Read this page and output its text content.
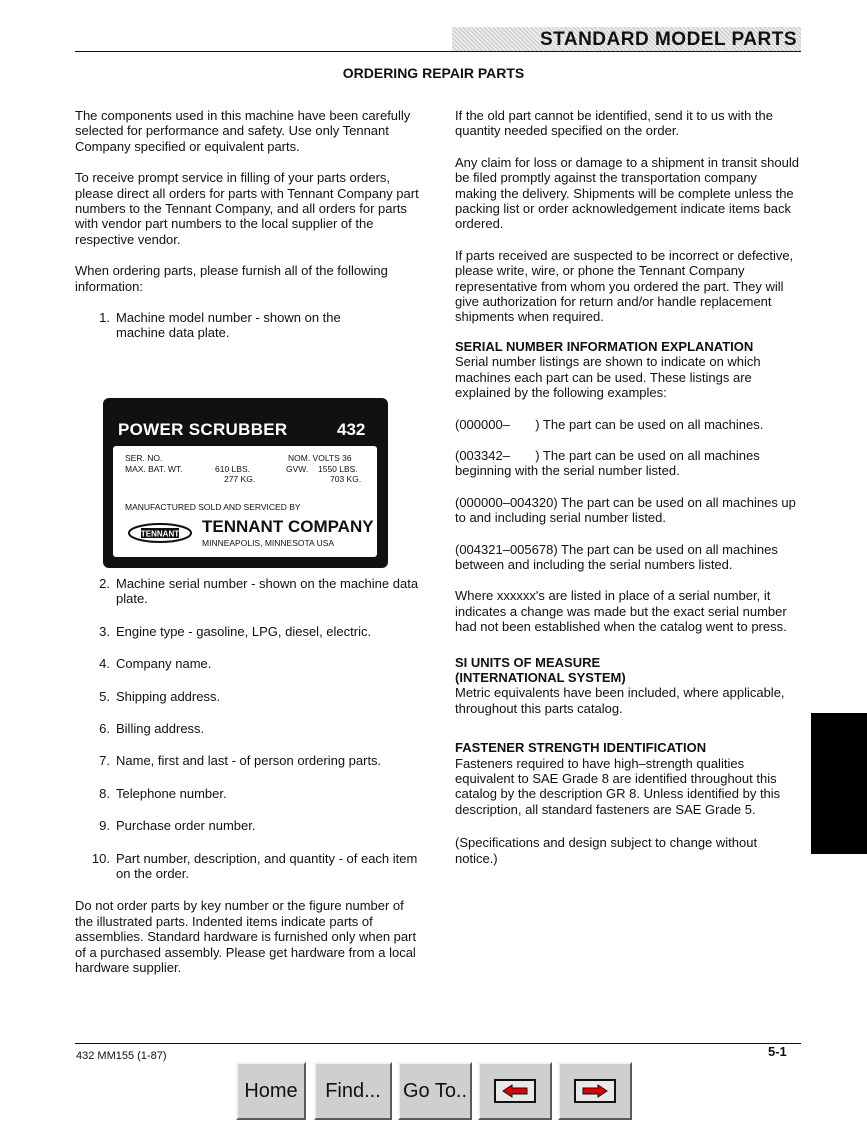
STANDARD MODEL PARTS
ORDERING REPAIR PARTS

The components used in this machine have been carefully selected for performance and safety. Use only Tennant Company specified or equivalent parts.

To receive prompt service in filling of your parts orders, please direct all orders for parts with Tennant Company part numbers to the Tennant Company, and all orders for parts with vendor part numbers to the local supplier of the respective vendor.

When ordering parts, please furnish all of the following information:

1. Machine model number - shown on the machine data plate.
POWER SCRUBBER	432
SER. NO.	NOM. VOLTS 36
MAX. BAT. WT.	610 LBS.
277 KG.
GVW. 1550 LBS.
703 KG.
MANUFACTURED SOLD AND SERVICED BY
TENNANT TENNANT COMPANY
MINNEAPOLIS, MINNESOTA USA
2. Machine serial number - shown on the machine data plate.
3. Engine type - gasoline, LPG, diesel, electric.
4. Company name.
5. Shipping address.
6. Billing address.
7. Name, first and last - of person ordering parts.
8. Telephone number.
9. Purchase order number.
10. Part number, description, and quantity - of each item on the order.

Do not order parts by key number or the figure number of the illustrated parts. Indented items indicate parts of assemblies. Standard hardware is furnished only when part of a purchased assembly. Please get hardware from a local hardware supplier.

If the old part cannot be identified, send it to us with the quantity needed specified on the order.

Any claim for loss or damage to a shipment in transit should be filed promptly against the transportation company making the delivery. Shipments will be complete unless the packing list or order acknowledgement indicate items back ordered.

If parts received are suspected to be incorrect or defective, please write, wire, or phone the Tennant Company representative from whom you ordered the part. They will give authorization for return and/or handle replacement shipments when required.

SERIAL NUMBER INFORMATION EXPLANATION

Serial number listings are shown to indicate on which machines each part can be used. These listings are explained by the following examples:

(000000–       ) The part can be used on all machines.

(003342–       ) The part can be used on all machines beginning with the serial number listed.

(000000–004320) The part can be used on all machines up to and including serial number listed.

(004321–005678) The part can be used on all machines between and including the serial numbers listed.

Where xxxxxx's are listed in place of a serial number, it indicates a change was made but the exact serial number had not been established when the catalog went to press.

SI UNITS OF MEASURE
(INTERNATIONAL SYSTEM)

Metric equivalents have been included, where applicable, throughout this parts catalog.

FASTENER STRENGTH IDENTIFICATION

Fasteners required to have high–strength qualities equivalent to SAE Grade 8 are identified throughout this catalog by the description GR 8. Unless identified by this description, all standard fasteners are SAE Grade 5.

(Specifications and design subject to change without notice.)

432 MM155 (1-87)	5-1
Home	Find...	Go To..
